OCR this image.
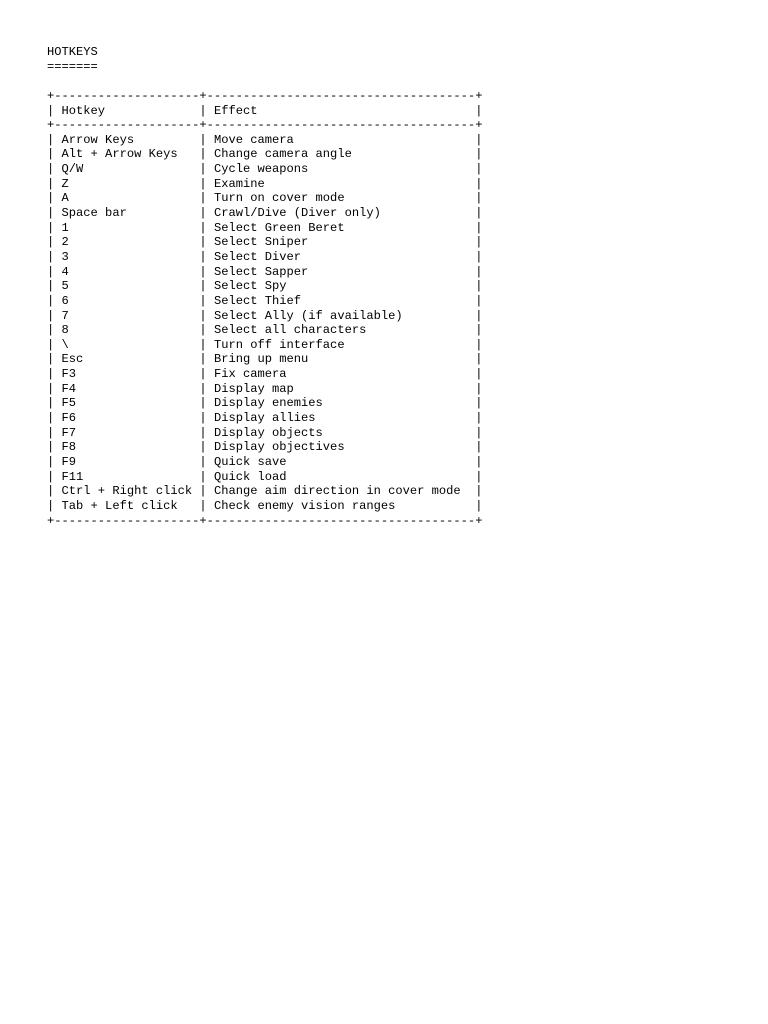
HOTKEYS
=======

+--------------------+-------------------------------------+
| Hotkey             | Effect                              |
+--------------------+-------------------------------------+
| Arrow Keys         | Move camera                         |
| Alt + Arrow Keys   | Change camera angle                 |
| Q/W                | Cycle weapons                       |
| Z                  | Examine                             |
| A                  | Turn on cover mode                  |
| Space bar          | Crawl/Dive (Diver only)             |
| 1                  | Select Green Beret                  |
| 2                  | Select Sniper                       |
| 3                  | Select Diver                        |
| 4                  | Select Sapper                       |
| 5                  | Select Spy                          |
| 6                  | Select Thief                        |
| 7                  | Select Ally (if available)          |
| 8                  | Select all characters               |
| \                  | Turn off interface                  |
| Esc                | Bring up menu                       |
| F3                 | Fix camera                          |
| F4                 | Display map                         |
| F5                 | Display enemies                     |
| F6                 | Display allies                      |
| F7                 | Display objects                     |
| F8                 | Display objectives                  |
| F9                 | Quick save                          |
| F11                | Quick load                          |
| Ctrl + Right click | Change aim direction in cover mode  |
| Tab + Left click   | Check enemy vision ranges           |
+--------------------+-------------------------------------+
